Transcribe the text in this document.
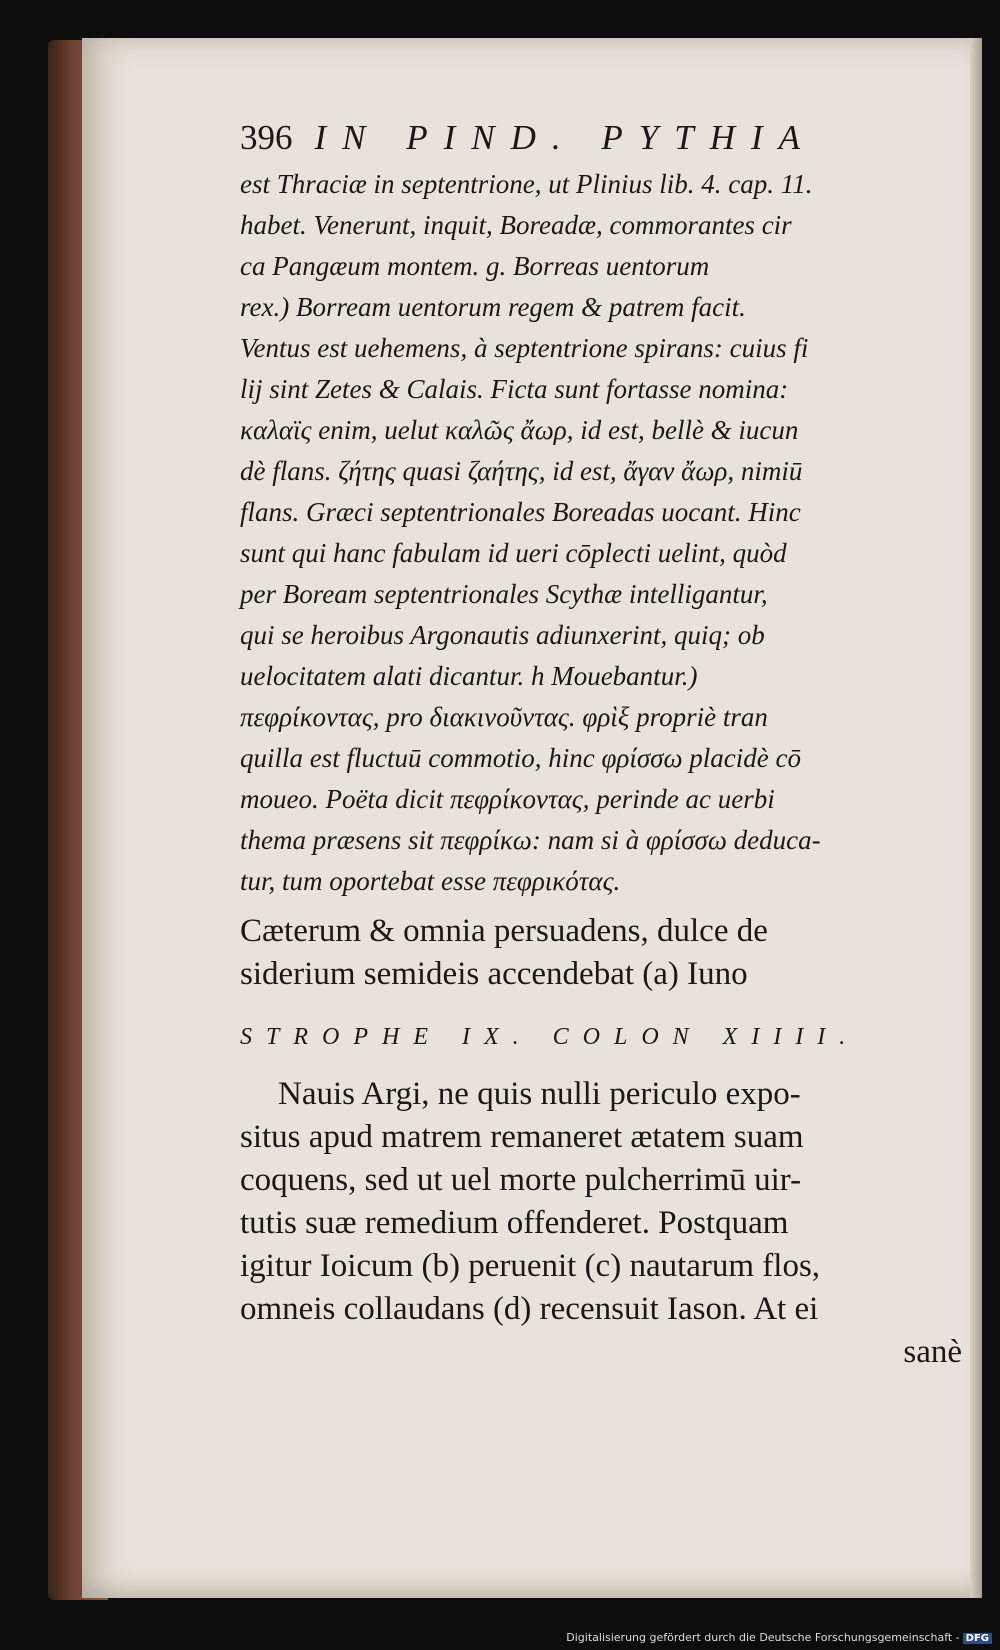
396 IN PIND. PYTHIA
est Thraciæ in septentrione, ut Plinius lib. 4. cap. 11.
habet. Venerunt, inquit, Boreadæ, commorantes cir
ca Pangæum montem. g. Borreas uentorum
rex.) Borream uentorum regem & patrem facit.
Ventus est uehemens, à septentrione spirans: cuius fi
lij sint Zetes & Calais. Ficta sunt fortasse nomina:
καλαϊς enim, uelut καλῶς ἄωρ, id est, bellè & iucun
dè flans. ζήτης quasi ζαήτης, id est, ἄγαν ἄωρ, nimiū
flans. Græci septentrionales Boreadas uocant. Hinc
sunt qui hanc fabulam id ueri cōplecti uelint, quòd
per Boream septentrionales Scythæ intelligantur,
qui se heroibus Argonautis adiunxerint, quiq; ob
uelocitatem alati dicantur. h Mouebantur.)
πεφρίκοντας, pro διακινοῦντας. φρὶξ propriè tran
quilla est fluctuū commotio, hinc φρίσσω placidè cō
moueo. Poëta dicit πεφρίκοντας, perinde ac uerbi
thema præsens sit πεφρίκω: nam si à φρίσσω deduca-
tur, tum oportebat esse πεφρικότας.
Cæterum & omnia persuadens, dulce de
siderium semideis accendebat (a) Iuno
STROPHE IX. COLON XIIII.
Nauis Argi, ne quis nulli periculo expo-
situs apud matrem remaneret ætatem suam
coquens, sed ut uel morte pulcherrimū uir-
tutis suæ remedium offenderet. Postquam
igitur Ioicum (b) peruenit (c) nautarum flos,
omneis collaudans (d) recensuit Iason. At ei
sanè
Digitalisierung gefördert durch die Deutsche Forschungsgemeinschaft - DFG
